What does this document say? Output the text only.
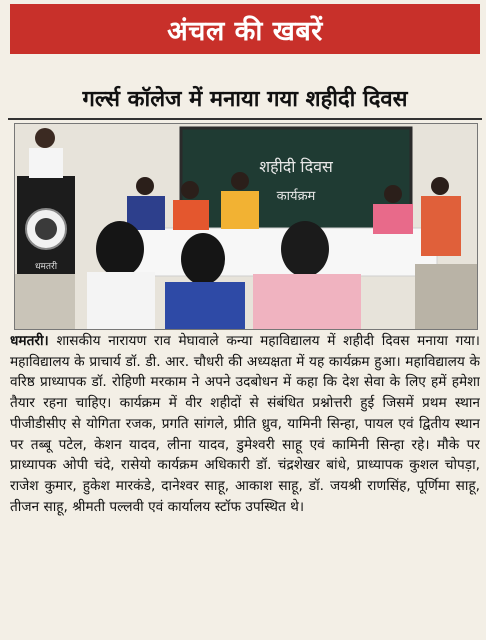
अंचल की खबरें
गर्ल्स कॉलेज में मनाया गया शहीदी दिवस
शहीदी दिवस
कार्यक्रम
धमतरी
धमतरी। शासकीय नारायण राव मेघावाले कन्या महाविद्यालय में शहीदी दिवस मनाया गया। महाविद्यालय के प्राचार्य डॉ. डी. आर. चौधरी की अध्यक्षता में यह कार्यक्रम हुआ। महाविद्यालय के वरिष्ठ प्राध्यापक डॉ. रोहिणी मरकाम ने अपने उदबोधन में कहा कि देश सेवा के लिए हमें हमेशा तैयार रहना चाहिए। कार्यक्रम में वीर शहीदों से संबंधित प्रश्नोत्तरी हुई जिसमें प्रथम स्थान पीजीडीसीए से योगिता रजक, प्रगति सांगले, प्रीति ध्रुव, यामिनी सिन्हा, पायल एवं द्वितीय स्थान पर तब्बू पटेल, केशन यादव, लीना यादव, डुमेश्वरी साहू एवं कामिनी सिन्हा रहे। मौके पर प्राध्यापक ओपी चंदे, रासेयो कार्यक्रम अधिकारी डॉ. चंद्रशेखर बांधे, प्राध्यापक कुशल चोपड़ा, राजेश कुमार, हुकेश मारकंडे, दानेश्वर साहू, आकाश साहू, डॉ. जयश्री राणसिंह, पूर्णिमा साहू, तीजन साहू, श्रीमती पल्लवी एवं कार्यालय स्टॉफ उपस्थित थे।
